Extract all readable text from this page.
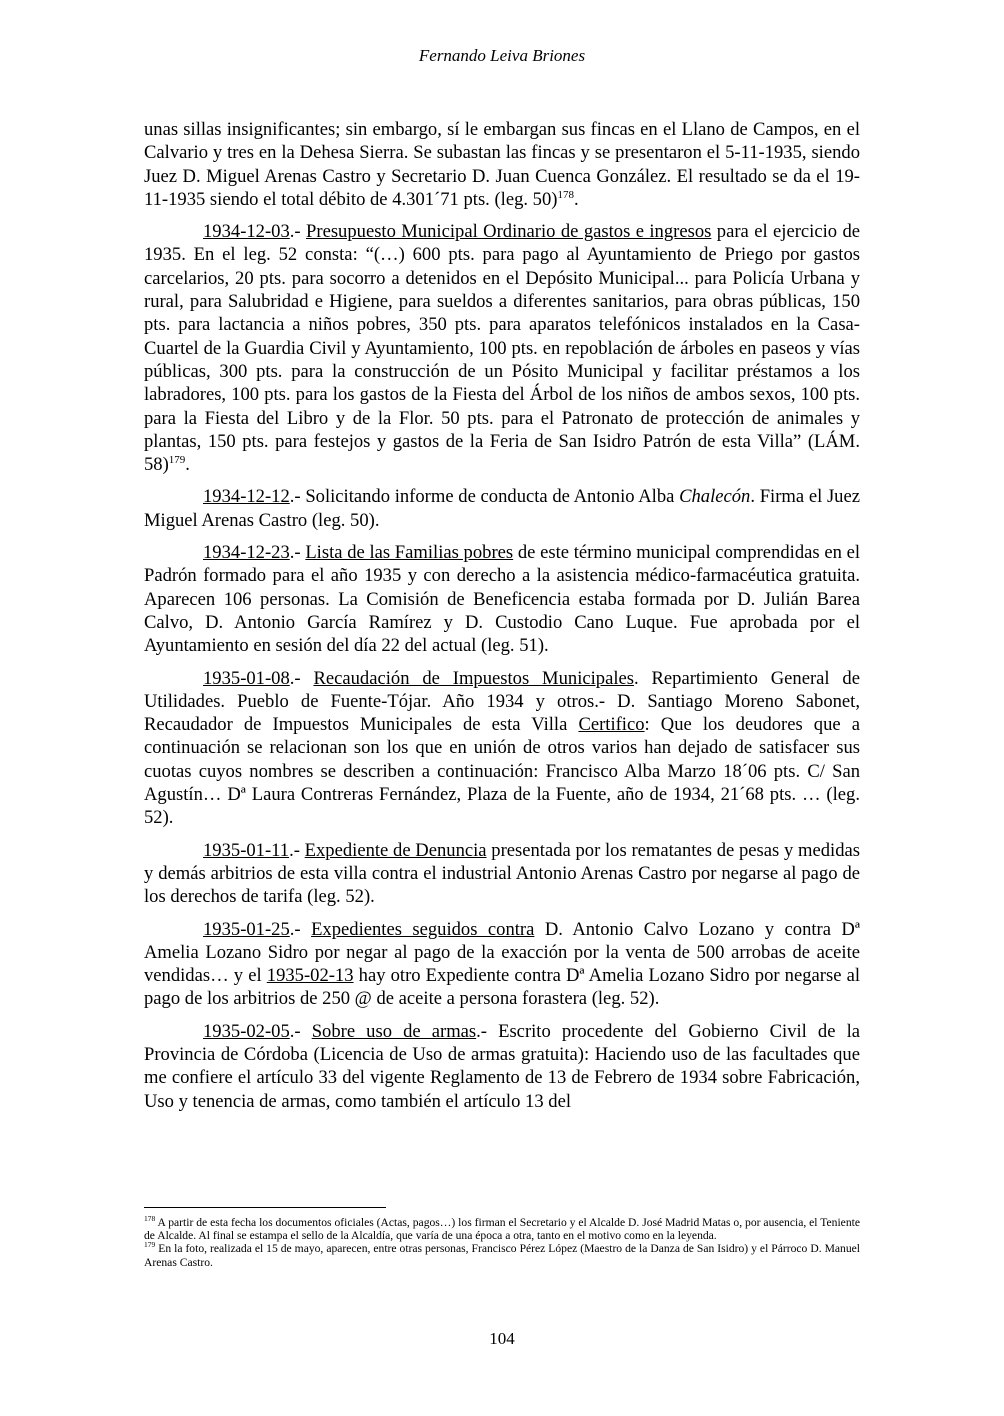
Fernando Leiva Briones

unas sillas insignificantes; sin embargo, sí le embargan sus fincas en el Llano de Campos, en el Calvario y tres en la Dehesa Sierra. Se subastan las fincas y se presentaron el 5-11-1935, siendo Juez D. Miguel Arenas Castro y Secretario D. Juan Cuenca González. El resultado se da el 19-11-1935 siendo el total débito de 4.301´71 pts. (leg. 50)$^{178}$.

1934-12-03.- Presupuesto Municipal Ordinario de gastos e ingresos para el ejercicio de 1935. En el leg. 52 consta: “(…) 600 pts. para pago al Ayuntamiento de Priego por gastos carcelarios, 20 pts. para socorro a detenidos en el Depósito Municipal... para Policía Urbana y rural, para Salubridad e Higiene, para sueldos a diferentes sanitarios, para obras públicas, 150 pts. para lactancia a niños pobres, 350 pts. para aparatos telefónicos instalados en la Casa-Cuartel de la Guardia Civil y Ayuntamiento, 100 pts. en repoblación de árboles en paseos y vías públicas, 300 pts. para la construcción de un Pósito Municipal y facilitar préstamos a los labradores, 100 pts. para los gastos de la Fiesta del Árbol de los niños de ambos sexos, 100 pts. para la Fiesta del Libro y de la Flor. 50 pts. para el Patronato de protección de animales y plantas, 150 pts. para festejos y gastos de la Feria de San Isidro Patrón de esta Villa” (LÁM. 58)$^{179}$.

1934-12-12.- Solicitando informe de conducta de Antonio Alba Chalecón. Firma el Juez Miguel Arenas Castro (leg. 50).

1934-12-23.- Lista de las Familias pobres de este término municipal comprendidas en el Padrón formado para el año 1935 y con derecho a la asistencia médico-farmacéutica gratuita. Aparecen 106 personas. La Comisión de Beneficencia estaba formada por D. Julián Barea Calvo, D. Antonio García Ramírez y D. Custodio Cano Luque. Fue aprobada por el Ayuntamiento en sesión del día 22 del actual (leg. 51).

1935-01-08.- Recaudación de Impuestos Municipales. Repartimiento General de Utilidades. Pueblo de Fuente-Tójar. Año 1934 y otros.- D. Santiago Moreno Sabonet, Recaudador de Impuestos Municipales de esta Villa Certifico: Que los deudores que a continuación se relacionan son los que en unión de otros varios han dejado de satisfacer sus cuotas cuyos nombres se describen a continuación: Francisco Alba Marzo 18´06 pts. C/ San Agustín… Dª Laura Contreras Fernández, Plaza de la Fuente, año de 1934, 21´68 pts. … (leg. 52).

1935-01-11.- Expediente de Denuncia presentada por los rematantes de pesas y medidas y demás arbitrios de esta villa contra el industrial Antonio Arenas Castro por negarse al pago de los derechos de tarifa (leg. 52).

1935-01-25.- Expedientes seguidos contra D. Antonio Calvo Lozano y contra Dª Amelia Lozano Sidro por negar al pago de la exacción por la venta de 500 arrobas de aceite vendidas… y el 1935-02-13 hay otro Expediente contra Dª Amelia Lozano Sidro por negarse al pago de los arbitrios de 250 @ de aceite a persona forastera (leg. 52).

1935-02-05.- Sobre uso de armas.- Escrito procedente del Gobierno Civil de la Provincia de Córdoba (Licencia de Uso de armas gratuita): Haciendo uso de las facultades que me confiere el artículo 33 del vigente Reglamento de 13 de Febrero de 1934 sobre Fabricación, Uso y tenencia de armas, como también el artículo 13 del

$^{178}$ A partir de esta fecha los documentos oficiales (Actas, pagos…) los firman el Secretario y el Alcalde D. José Madrid Matas o, por ausencia, el Teniente de Alcalde. Al final se estampa el sello de la Alcaldía, que varía de una época a otra, tanto en el motivo como en la leyenda.

$^{179}$ En la foto, realizada el 15 de mayo, aparecen, entre otras personas, Francisco Pérez López (Maestro de la Danza de San Isidro) y el Párroco D. Manuel Arenas Castro.

104
